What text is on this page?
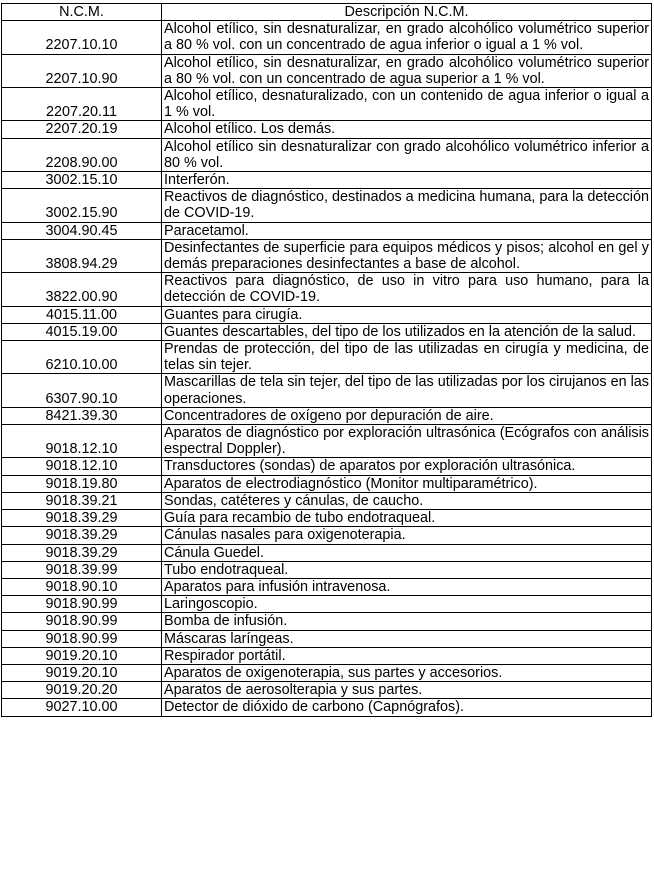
N.C.M.	Descripción N.C.M.
2207.10.10	Alcohol etílico, sin desnaturalizar, en grado alcohólico volumétrico superior a 80 % vol. con un concentrado de agua inferior o igual a 1 % vol.
2207.10.90	Alcohol etílico, sin desnaturalizar, en grado alcohólico volumétrico superior a 80 % vol. con un concentrado de agua superior a 1 % vol.
2207.20.11	Alcohol etílico, desnaturalizado, con un contenido de agua inferior o igual a 1 % vol.
2207.20.19	Alcohol etílico. Los demás.
2208.90.00	Alcohol etílico sin desnaturalizar con grado alcohólico volumétrico inferior a 80 % vol.
3002.15.10	Interferón.
3002.15.90	Reactivos de diagnóstico, destinados a medicina humana, para la detección de COVID-19.
3004.90.45	Paracetamol.
3808.94.29	Desinfectantes de superficie para equipos médicos y pisos; alcohol en gel y demás preparaciones desinfectantes a base de alcohol.
3822.00.90	Reactivos para diagnóstico, de uso in vitro para uso humano, para la detección de COVID-19.
4015.11.00	Guantes para cirugía.
4015.19.00	Guantes descartables, del tipo de los utilizados en la atención de la salud.
6210.10.00	Prendas de protección, del tipo de las utilizadas en cirugía y medicina, de telas sin tejer.
6307.90.10	Mascarillas de tela sin tejer, del tipo de las utilizadas por los cirujanos en las operaciones.
8421.39.30	Concentradores de oxígeno por depuración de aire.
9018.12.10	Aparatos de diagnóstico por exploración ultrasónica (Ecógrafos con análisis espectral Doppler).
9018.12.10	Transductores (sondas) de aparatos por exploración ultrasónica.
9018.19.80	Aparatos de electrodiagnóstico (Monitor multiparamétrico).
9018.39.21	Sondas, catéteres y cánulas, de caucho.
9018.39.29	Guía para recambio de tubo endotraqueal.
9018.39.29	Cánulas nasales para oxigenoterapia.
9018.39.29	Cánula Guedel.
9018.39.99	Tubo endotraqueal.
9018.90.10	Aparatos para infusión intravenosa.
9018.90.99	Laringoscopio.
9018.90.99	Bomba de infusión.
9018.90.99	Máscaras laríngeas.
9019.20.10	Respirador portátil.
9019.20.10	Aparatos de oxigenoterapia, sus partes y accesorios.
9019.20.20	Aparatos de aerosolterapia y sus partes.
9027.10.00	Detector de dióxido de carbono (Capnógrafos).
